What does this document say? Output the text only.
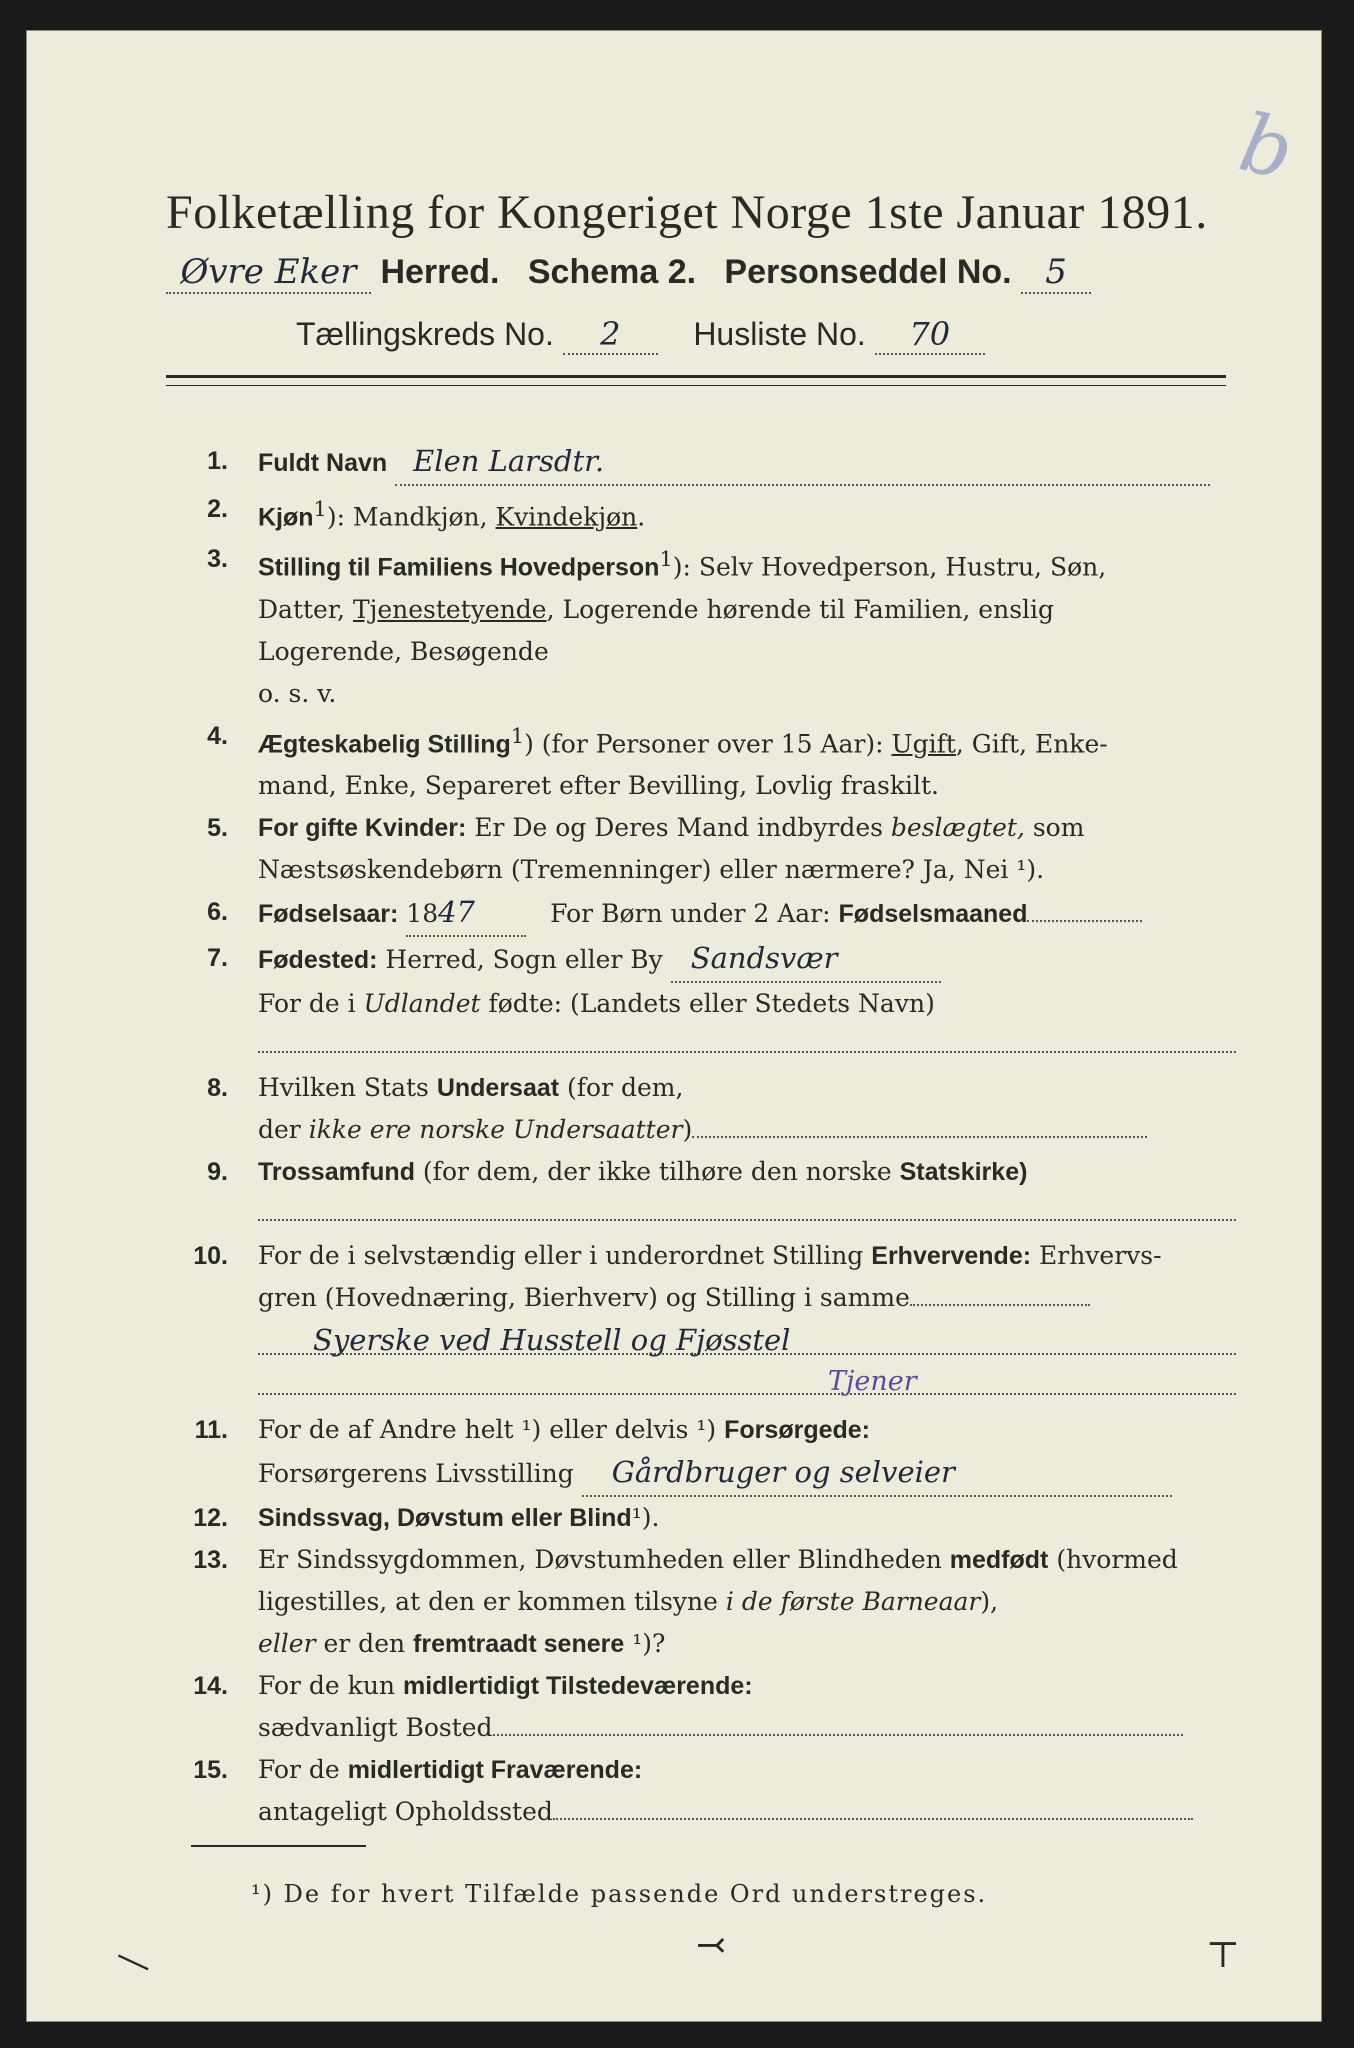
b
Folketælling for Kongeriget Norge 1ste Januar 1891.
Øvre Eker Herred. Schema 2. Personseddel No. 5
Tællingskreds No. 2 Husliste No. 70
1. Fuldt Navn Elen Larsdtr.
2. Kjøn$^1$): Mandkjøn, Kvindekjøn.
3. Stilling til Familiens Hovedperson$^1$): Selv Hovedperson, Hustru, Søn,
Datter, Tjenestetyende, Logerende hørende til Familien, enslig
Logerende, Besøgende
o. s. v.
4. Ægteskabelig Stilling$^1$) (for Personer over 15 Aar): Ugift, Gift, Enke-
mand, Enke, Separeret efter Bevilling, Lovlig fraskilt.
5. For gifte Kvinder: Er De og Deres Mand indbyrdes beslægtet, som
Næstsøskendebørn (Tremenninger) eller nærmere? Ja, Nei ¹).
6. Fødselsaar: 1847	For Børn under 2 Aar: Fødselsmaaned
7. Fødested: Herred, Sogn eller By Sandsvær
For de i Udlandet fødte: (Landets eller Stedets Navn)

8. Hvilken Stats Undersaat (for dem,
der ikke ere norske Undersaatter)
9. Trossamfund (for dem, der ikke tilhøre den norske Statskirke)

10. For de i selvstændig eller i underordnet Stilling Erhvervende: Erhvervs-
gren (Hovednæring, Bierhverv) og Stilling i samme

Syerske ved Husstell og Fjøsstel
Tjener
11. For de af Andre helt ¹) eller delvis ¹) Forsørgede:
Forsørgerens Livsstilling Gårdbruger og selveier
12. Sindssvag, Døvstum eller Blind¹).
13. Er Sindssygdommen, Døvstumheden eller Blindheden medfødt (hvormed
ligestilles, at den er kommen tilsyne i de første Barneaar),
eller er den fremtraadt senere ¹)?
14. For de kun midlertidigt Tilstedeværende:
sædvanligt Bosted
15. For de midlertidigt Fraværende:
antageligt Opholdssted
¹) De for hvert Tilfælde passende Ord understreges.
—	⤙	⊤
